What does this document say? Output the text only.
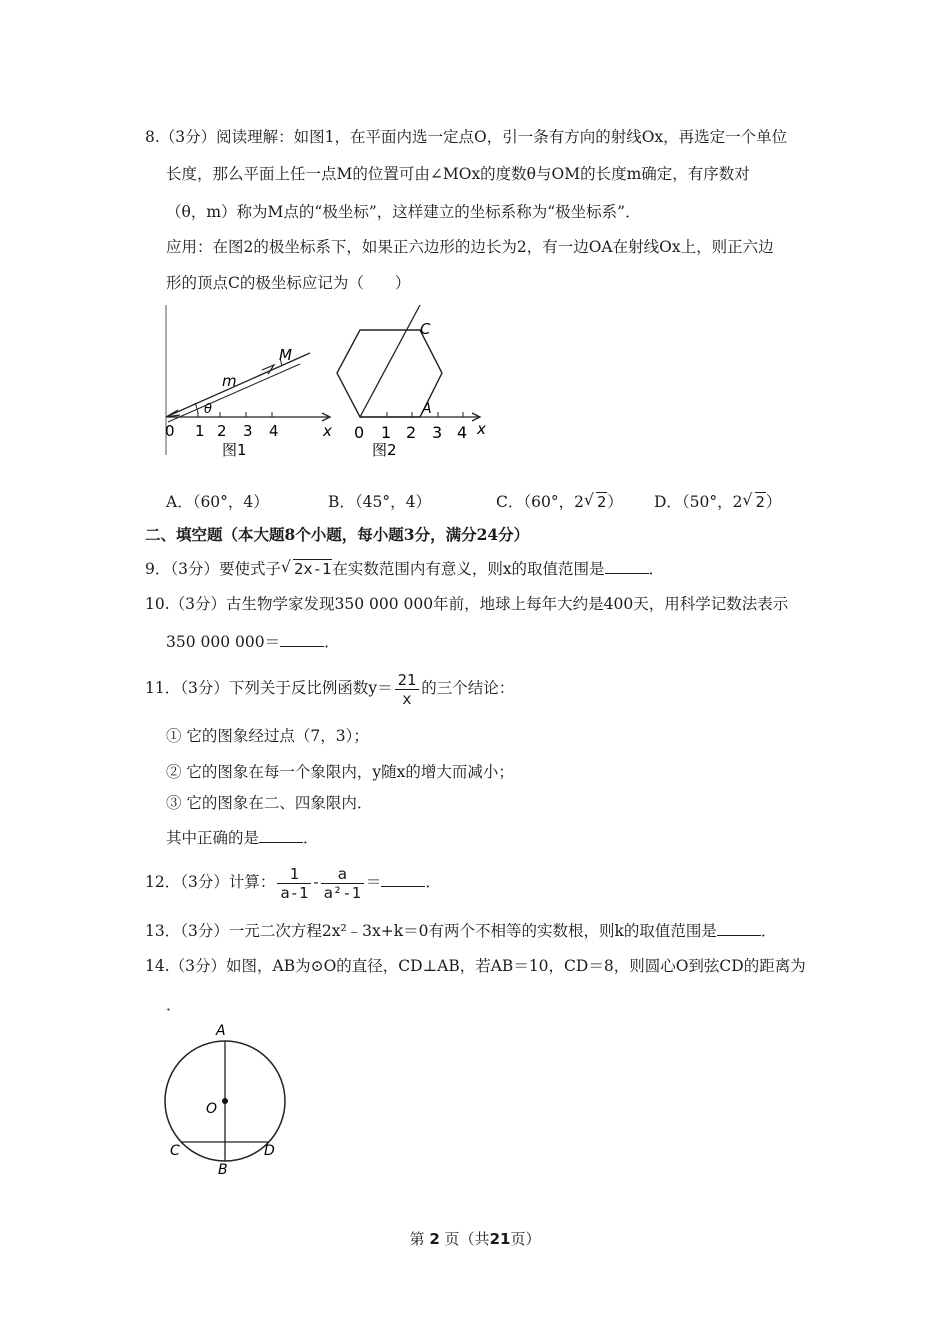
8.（3分）阅读理解：如图1，在平面内选一定点O，引一条有方向的射线Ox，再选定一个单位
长度，那么平面上任一点M的位置可由∠MOx的度数θ与OM的长度m确定，有序数对
（θ，m）称为M点的“极坐标”，这样建立的坐标系称为“极坐标系”．
应用：在图2的极坐标系下，如果正六边形的边长为2，有一边OA在射线Ox上，则正六边
形的顶点C的极坐标应记为（　　）
m
M
θ
0 1 2 3 4	x
图1
C
A
0 1 2 3 4 x
图2
A．（60°，4）	B．（45°，4）	C．（60°，2 √ 2） D．（50°，2 √ 2）
二、填空题（本大题8个小题，每小题3分，满分24分）
9．（3分）要使式子 √ 2x-1在实数范围内有意义，则x的取值范围是	．
10.（3分）古生物学家发现350 000 000年前，地球上每年大约是400天，用科学记数法表示
350 000 000＝	．
11．（3分）下列关于反比例函数$y= \frac{21}{x}$ 的三个结论：
① 它的图象经过点（7，3）；
② 它的图象在每一个象限内，y随x的增大而减小；
③ 它的图象在二、四象限内．
其中正确的是	．
12．（3分）计算： $\frac{1}{a-1} - \frac{a}{\text{a²-1}}$ ＝	．
13．（3分）一元二次方程2x²﹣3x+k＝0有两个不相等的实数根，则k的取值范围是	．
14.（3分）如图，AB为⊙O的直径，CD⊥AB，若AB＝10，CD＝8，则圆心O到弦CD的距离为
．
A
O
C
B
D
第 2 页（共21页）
